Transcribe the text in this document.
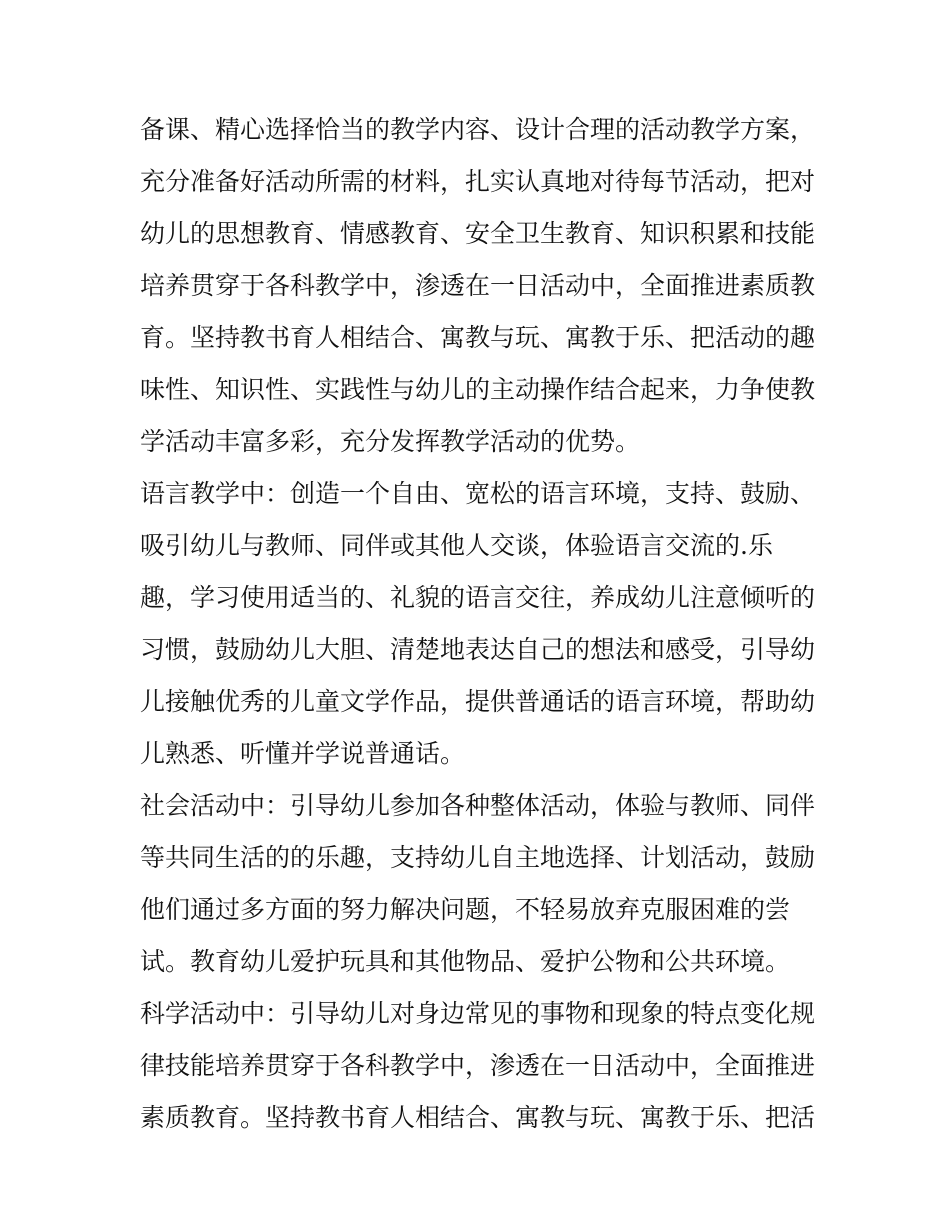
备课、精心选择恰当的教学内容、设计合理的活动教学方案，
充分准备好活动所需的材料，扎实认真地对待每节活动，把对
幼儿的思想教育、情感教育、安全卫生教育、知识积累和技能
培养贯穿于各科教学中，渗透在一日活动中，全面推进素质教
育。坚持教书育人相结合、寓教与玩、寓教于乐、把活动的趣
味性、知识性、实践性与幼儿的主动操作结合起来，力争使教
学活动丰富多彩，充分发挥教学活动的优势。
语言教学中：创造一个自由、宽松的语言环境，支持、鼓励、
吸引幼儿与教师、同伴或其他人交谈，体验语言交流的.乐
趣，学习使用适当的、礼貌的语言交往，养成幼儿注意倾听的
习惯，鼓励幼儿大胆、清楚地表达自己的想法和感受，引导幼
儿接触优秀的儿童文学作品，提供普通话的语言环境，帮助幼
儿熟悉、听懂并学说普通话。
社会活动中：引导幼儿参加各种整体活动，体验与教师、同伴
等共同生活的的乐趣，支持幼儿自主地选择、计划活动，鼓励
他们通过多方面的努力解决问题，不轻易放弃克服困难的尝
试。教育幼儿爱护玩具和其他物品、爱护公物和公共环境。
科学活动中：引导幼儿对身边常见的事物和现象的特点变化规
律技能培养贯穿于各科教学中，渗透在一日活动中，全面推进
素质教育。坚持教书育人相结合、寓教与玩、寓教于乐、把活
